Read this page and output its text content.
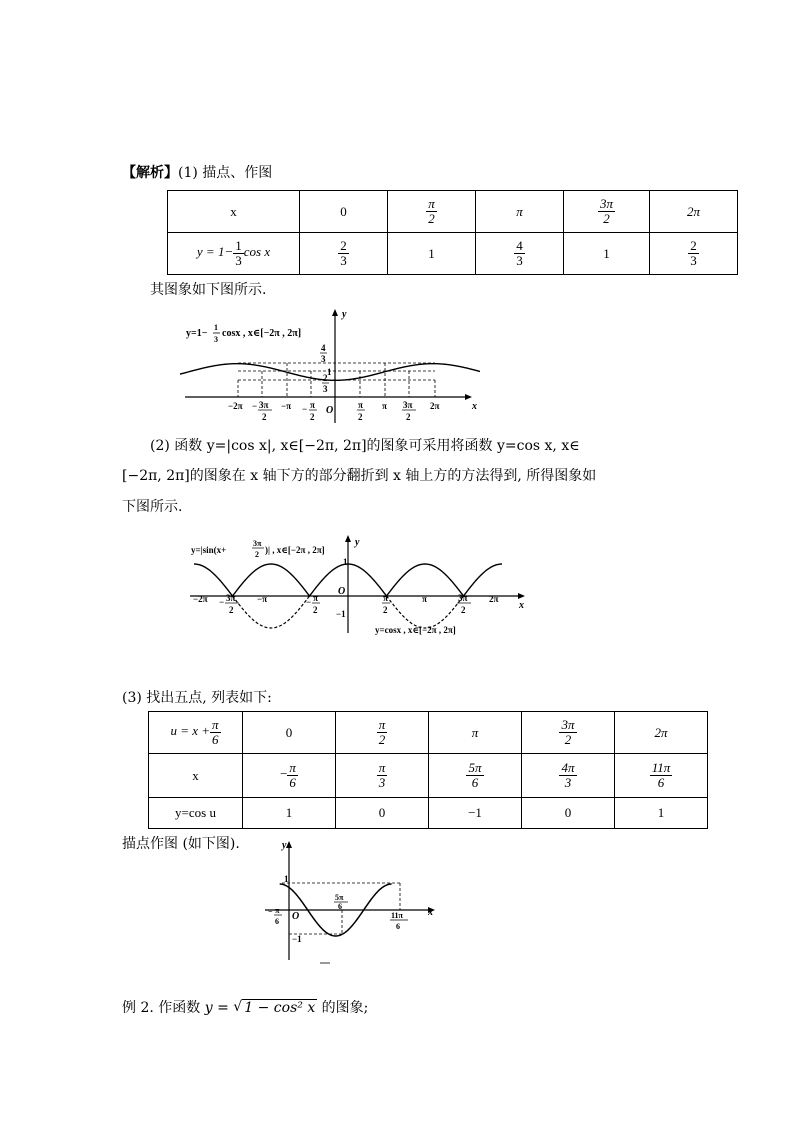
【解析】(1) 描点、作图
x	0	$\frac{\pi}{2}$	π	$\frac{3\pi}{2}$	2π
$y = 1- \frac{1}{3}$ cos x	$\frac{2}{3}$	1	$\frac{4}{3}$	1	$\frac{2}{3}$
其图象如下图所示.
y=1−
1
3
cosx , x∈[−2π , 2π]
y
x
O
4
3
1
2
3
−2π − 3π
2
−π − π
2
π
2
π 3π
2
2π
(2) 函数 y=|cos x|, x∈[−2π, 2π]的图象可采用将函数 y=cos x, x∈
[−2π, 2π]的图象在 x 轴下方的部分翻折到 x 轴上方的方法得到, 所得图象如
下图所示.
y=|sin(x+
3π
2 )| , x∈[−2π , 2π]
y
x
O
1
−1
−2π − 3π
2
−π	− π
2
π
2
π	3π
2
2π
y=cosx , x∈[−2π , 2π]
(3) 找出五点, 列表如下:
$u = x + \frac{\pi}{6}$	0	$\frac{\pi}{2}$	π	$\frac{3\pi}{2}$	2π
x	− $\frac{\pi}{6}$	$\frac{\pi}{3}$	$\frac{5\pi}{6}$	$\frac{4\pi}{3}$	$\frac{11\pi}{6}$

y=cos u	1	0	−1	0	1
描点作图 (如下图).	y
x
O
1
−1
− π
6
5π
6
11π
6
例 2. 作函数 y = √ 1 − cos² x 的图象;
